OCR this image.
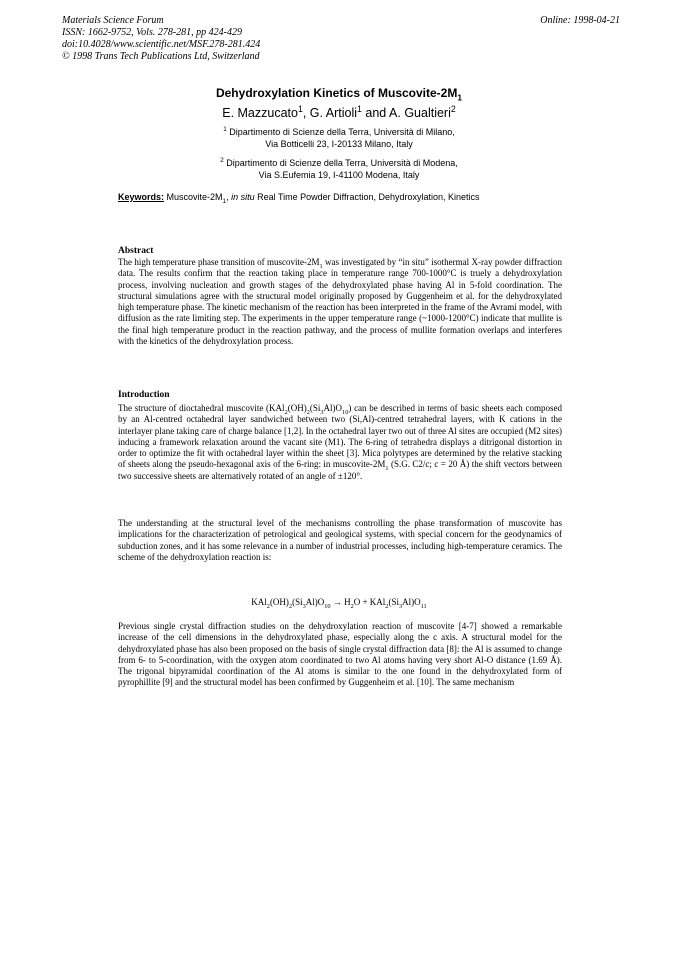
Materials Science Forum
ISSN: 1662-9752, Vols. 278-281, pp 424-429
doi:10.4028/www.scientific.net/MSF.278-281.424
© 1998 Trans Tech Publications Ltd, Switzerland
Online: 1998-04-21
Dehydroxylation Kinetics of Muscovite-$2M_1$
E. Mazzucato$^1$, G. Artioli$^1$ and A. Gualtieri$^2$
$^1$ Dipartimento di Scienze della Terra, Università di Milano,
Via Botticelli 23, I-20133 Milano, Italy
$^2$ Dipartimento di Scienze della Terra, Università di Modena,
Via S.Eufemia 19, I-41100 Modena, Italy
Keywords: Muscovite-$2M_1$, in situ Real Time Powder Diffraction, Dehydroxylation, Kinetics
Abstract

The high temperature phase transition of muscovite-$2M_1$ was investigated by “in situ” isothermal X-ray powder diffraction data. The results confirm that the reaction taking place in temperature range 700-1000°C is truely a dehydroxylation process, involving nucleation and growth stages of the dehydroxylated phase having Al in 5-fold coordination. The structural simulations agree with the structural model originally proposed by Guggenheim et al. for the dehydroxylated high temperature phase. The kinetic mechanism of the reaction has been interpreted in the frame of the Avrami model, with diffusion as the rate limiting step. The experiments in the upper temperature range (~1000-1200°C) indicate that mullite is the final high temperature product in the reaction pathway, and the process of mullite formation overlaps and interferes with the kinetics of the dehydroxylation process.

Introduction

The structure of dioctahedral muscovite $(KAl_2(OH)_2(Si_3Al)O_{10})$ can be described in terms of basic sheets each composed by an Al-centred octahedral layer sandwiched between two (Si,Al)-centred tetrahedral layers, with K cations in the interlayer plane taking care of charge balance [1,2]. In the octahedral layer two out of three Al sites are occupied (M2 sites) inducing a framework relaxation around the vacant site (M1). The 6-ring of tetrahedra displays a ditrigonal distortion in order to optimize the fit with octahedral layer within the sheet [3]. Mica polytypes are determined by the relative stacking of sheets along the pseudo-hexagonal axis of the 6-ring: in muscovite-$2M_1$ (S.G. C2/c; c = 20 Å) the shift vectors between two successive sheets are alternatively rotated of an angle of ±120°.

The understanding at the structural level of the mechanisms controlling the phase transformation of muscovite has implications for the characterization of petrological and geological systems, with special concern for the geodynamics of subduction zones, and it has some relevance in a number of industrial processes, including high-temperature ceramics. The scheme of the dehydroxylation reaction is:

$KAl_2(OH)_2(Si_3Al)O_{10} \to H_2O + KAl_2(Si_3Al)O_{11}$

Previous single crystal diffraction studies on the dehydroxylation reaction of muscovite [4-7] showed a remarkable increase of the cell dimensions in the dehydroxylated phase, especially along the c axis. A structural model for the dehydroxylated phase has also been proposed on the basis of single crystal diffraction data [8]: the Al is assumed to change from 6- to 5-coordination, with the oxygen atom coordinated to two Al atoms having very short Al-O distance (1.69 Å). The trigonal bipyramidal coordination of the Al atoms is similar to the one found in the dehydroxylated form of pyrophillite [9] and the structural model has been confirmed by Guggenheim et al. [10]. The same mechanism
